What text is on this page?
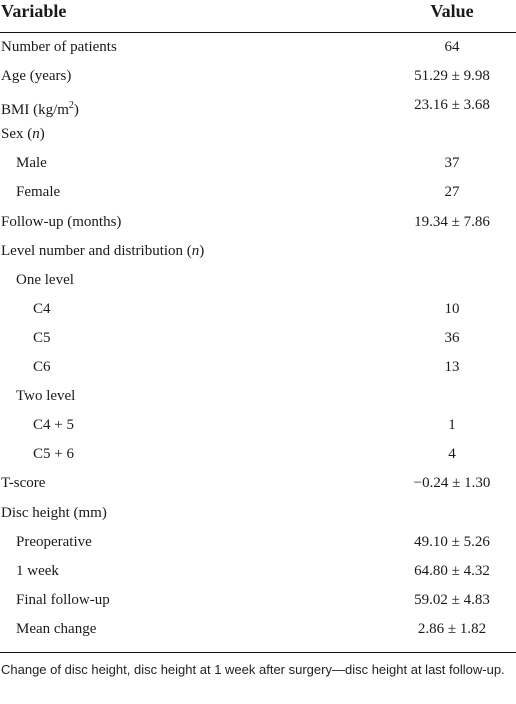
Variable	Value
Number of patients	64
Age (years)	51.29 ± 9.98
BMI $(kg/m^2)$	23.16 ± 3.68
Sex (n)
Male	37
Female	27
Follow-up (months)	19.34 ± 7.86
Level number and distribution (n)
One level
C4	10
C5	36
C6	13
Two level
C4 + 5	1
C5 + 6	4
T-score	−0.24 ± 1.30
Disc height (mm)
Preoperative	49.10 ± 5.26
1 week	64.80 ± 4.32
Final follow-up	59.02 ± 4.83
Mean change	2.86 ± 1.82
Change of disc height, disc height at 1 week after surgery—disc height at last follow-up.
